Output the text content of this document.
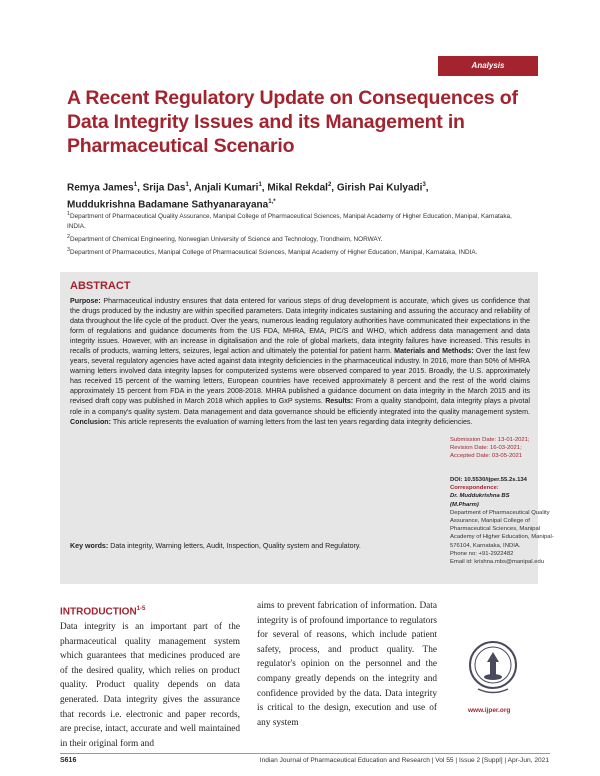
Analysis
A Recent Regulatory Update on Consequences of Data Integrity Issues and its Management in Pharmaceutical Scenario
Remya James$^1$, Srija Das$^1$, Anjali Kumari$^1$, Mikal Rekdal$^2$, Girish Pai Kulyadi$^3$,
Muddukrishna Badamane Sathyanarayana$^{1,*}$

$^1$Department of Pharmaceutical Quality Assurance, Manipal College of Pharmaceutical Sciences, Manipal Academy of Higher Education, Manipal, Karnataka, INDIA.

$^2$Department of Chemical Engineering, Norwegian University of Science and Technology, Trondheim, NORWAY.

$^3$Department of Pharmaceutics, Manipal College of Pharmaceutical Sciences, Manipal Academy of Higher Education, Manipal, Karnataka, INDIA.

ABSTRACT
Purpose: Pharmaceutical industry ensures that data entered for various steps of drug development is accurate, which gives us confidence that the drugs produced by the industry are within specified parameters. Data integrity indicates sustaining and assuring the accuracy and reliability of data throughout the life cycle of the product. Over the years, numerous leading regulatory authorities have communicated their expectations in the form of regulations and guidance documents from the US FDA, MHRA, EMA, PIC/S and WHO, which address data management and data integrity issues. However, with an increase in digitalisation and the role of global markets, data integrity failures have increased. This results in recalls of products, warning letters, seizures, legal action and ultimately the potential for patient harm. Materials and Methods: Over the last few years, several regulatory agencies have acted against data integrity deficiencies in the pharmaceutical industry. In 2016, more than 50% of MHRA warning letters involved data integrity lapses for computerized systems were observed compared to year 2015. Broadly, the U.S. approximately has received 15 percent of the warning letters, European countries have received approximately 8 percent and the rest of the world claims approximately 15 percent from FDA in the years 2008-2018. MHRA published a guidance document on data integrity in the March 2015 and its revised draft copy was published in March 2018 which applies to GxP systems. Results: From a quality standpoint, data integrity plays a pivotal role in a company's quality system. Data management and data governance should be efficiently integrated into the quality management system. Conclusion: This article represents the evaluation of warning letters from the last ten years regarding data integrity deficiencies.
Key words: Data integrity, Warning letters, Audit, Inspection, Quality system and Regulatory.
Submission Date: 13-01-2021;
Revision Date: 16-03-2021;
Accepted Date: 03-05-2021
DOI: 10.5530/ijper.55.2s.134
Correspondence:
Dr. Muddukrishna BS
(M.Pharm)
Department of Pharmaceutical Quality Assurance, Manipal College of Pharmaceutical Sciences, Manipal Academy of Higher Education, Manipal-576104, Karnataka, INDIA.
Phone no: +91-2922482
Email id: krishna.mbs@manipal.edu
www.ijper.org
INTRODUCTION$^{1-5}$
Data integrity is an important part of the pharmaceutical quality management system which guarantees that medicines produced are of the desired quality, which relies on product quality. Product quality depends on data generated. Data integrity gives the assurance that records i.e. electronic and paper records, are precise, intact, accurate and well maintained in their original form and
aims to prevent fabrication of information. Data integrity is of profound importance to regulators for several of reasons, which include patient safety, process, and product quality. The regulator's opinion on the personnel and the company greatly depends on the integrity and confidence provided by the data. Data integrity is critical to the design, execution and use of any system
S616	Indian Journal of Pharmaceutical Education and Research | Vol 55 | Issue 2 [Suppl] | Apr-Jun, 2021
